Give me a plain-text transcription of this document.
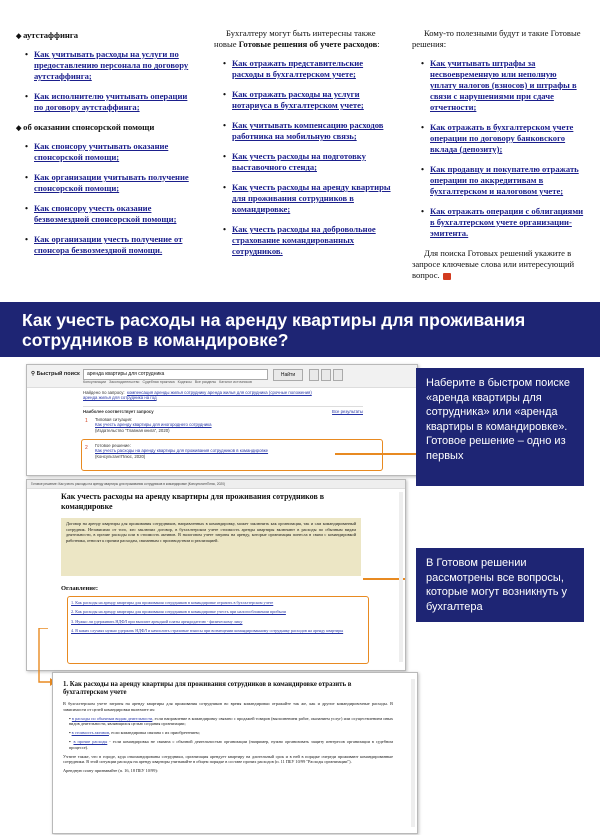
◆ аутстаффинга
• Как учитывать расходы на услуги по предоставлению персонала по договору аутстаффинга;
• Как исполнителю учитывать операции по договору аутстаффинга;
◆ об оказании спонсорской помощи
• Как спонсору учитывать оказание спонсорской помощи;
• Как организации учитывать получение спонсорской помощи;
• Как спонсору учесть оказание безвозмездной спонсорской помощи;
• Как организации учесть получение от спонсора безвозмездной помощи.

Бухгалтеру могут быть интересны также новые Готовые решения об учете расходов:

• Как отражать представительские расходы в бухгалтерском учете;
• Как отражать расходы на услуги нотариуса в бухгалтерском учете;
• Как учитывать компенсацию расходов работника на мобильную связь;
• Как учесть расходы на подготовку выставочного стенда;
• Как учесть расходы на аренду квартиры для проживания сотрудников в командировке;
• Как учесть расходы на добровольное страхование командированных сотрудников.

Кому-то полезными будут и такие Готовые решения:

• Как учитывать штрафы за несвоевременную или неполную уплату налогов (взносов) и штрафы в связи с нарушениями при сдаче отчетности;
• Как отражать в бухгалтерском учете операции по договору банковского вклада (депозиту);
• Как продавцу и покупателю отражать операции по аккредитивам в бухгалтерском и налоговом учете;
• Как отражать операции с облигациями в бухгалтерском учете организации-эмитента.

Для поиска Готовых решений укажите в запросе ключевые слова или интересующий вопрос.

Как учесть расходы на аренду квартиры для проживания сотрудников в командировке?
⚲ Быстрый поиск	аренда квартиры для сотрудника	Найти
Консультации Законодательство Судебная практика Кодексы Все разделы Каталог источников
Найдено по запросу: компенсация аренды жилья сотруднику аренда жилья для сотрудника (срочные положения)
аренда жилья для сотрудника на год
Наиболее соответствует запросу	Все результаты
1 Типовая ситуация:
Как учесть аренду квартиры для иногороднего сотрудника
(Издательство "Главная книга", 2020)
2 Готовое решение:
Как учесть расходы на аренду квартиры для проживания сотрудников в командировке
(КонсультантПлюс, 2020)
Готовое решение: Как учесть расходы на аренду квартиры для проживания сотрудников в командировке (КонсультантПлюс, 2020)
Как учесть расходы на аренду квартиры для проживания сотрудников в командировке
Договор на аренду квартиры для проживания сотрудников, направленных в командировку, может заключить как организация, так и сам командированный сотрудник. Независимо от того, кто заключил договор, в бухгалтерском учете стоимость аренды квартиры включают в расходы по обычным видам деятельности, в прочие расходы или в стоимость активов. В налоговом учете затраты на аренду, которые организация понесла в связи с командировкой работника, относят к прочим расходам, связанным с производством и реализацией.
Оглавление:
1. Как расходы на аренду квартиры для проживания сотрудников в командировке отразить в бухгалтерском учете
2. Как расходы на аренду квартиры для проживания сотрудников в командировке учесть при налогообложении прибыли
3. Нужно ли удерживать НДФЛ при выплате арендной платы арендодателю - физическому лицу
4. В каких случаях нужно удержать НДФЛ и начислить страховые взносы при возмещении командированному сотруднику расходов на аренду квартиры
1. Как расходы на аренду квартиры для проживания сотрудников в командировке отразить в бухгалтерском учете

В бухгалтерском учете затраты на аренду квартиры для проживания сотрудников во время командировки отражайте так же, как и другие командировочные расходы. В зависимости от целей командировки включите их:

▪ в расходы по обычным видам деятельности, если направление в командировку связано с продажей товаров (выполнением работ, оказанием услуг) или осуществлением иных видов деятельности, являющихся целью создания организации;

▪ в стоимость активов, если командировка связана с их приобретением;

▪ в прочие расходы - если командировка не связана с обычной деятельностью организации (например, нужно организовать защиту интересов организации в судебном процессе).

Учтите также, что в городе, куда откомандированы сотрудники, организация арендует квартиру на длительный срок и в ней в порядке очереди проживают командированные сотрудники. В этой ситуации расходы на аренду квартиры учитывайте в общем порядке в составе прочих расходов (п. 11 ПБУ 10/99 "Расходы организации").

Арендную плату признавайте (п. 16, 18 ПБУ 10/99):

Наберите в быстром поиске «аренда квартиры для сотрудника» или «аренда квартиры в командировке». Готовое решение – одно из первых
В Готовом решении рассмотрены все вопросы, которые могут возникнуть у бухгалтера
